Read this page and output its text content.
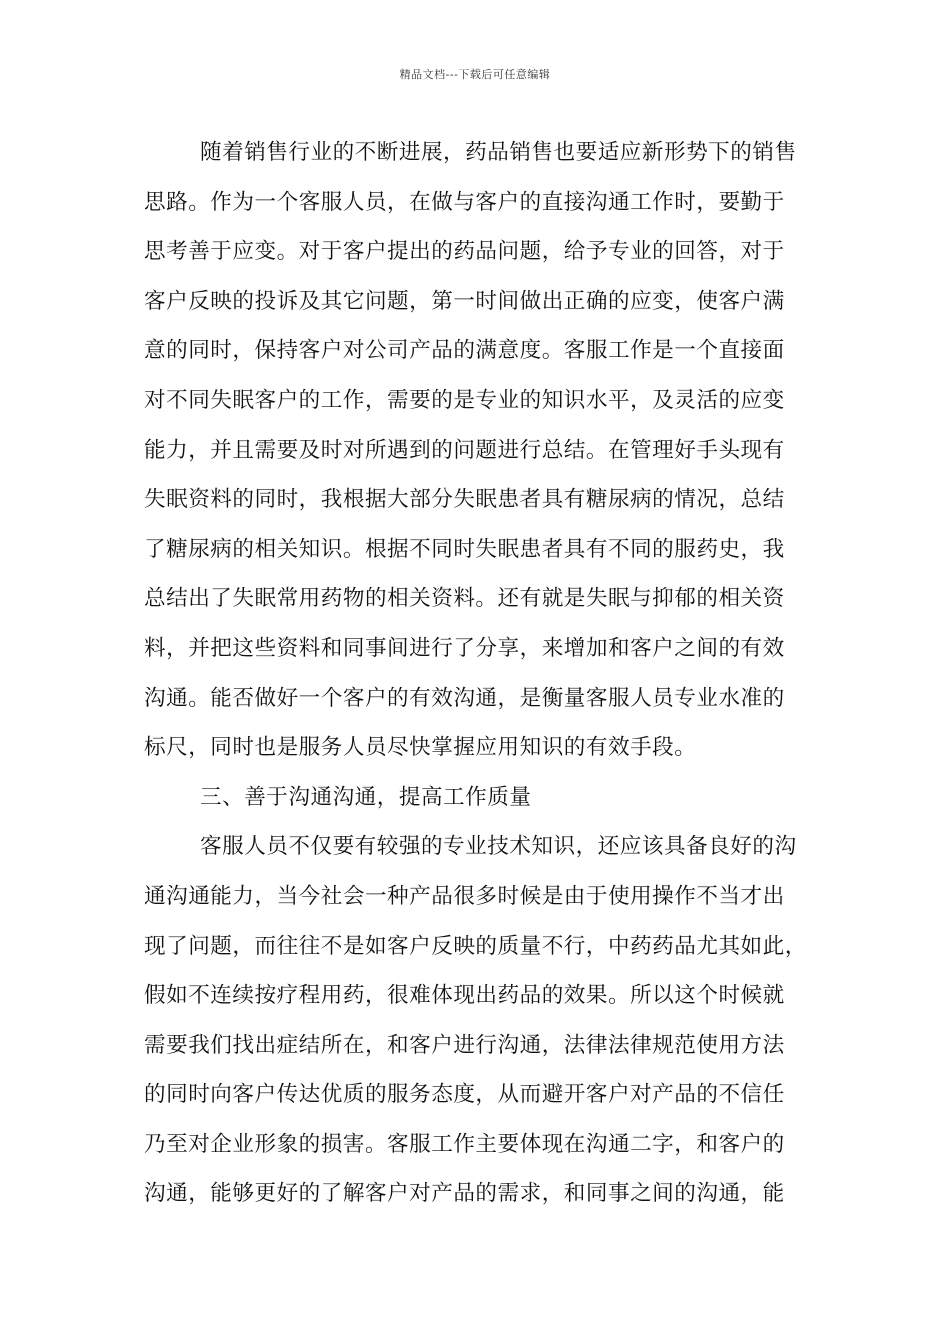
精品文档---下载后可任意编辑
随着销售行业的不断进展，药品销售也要适应新形势下的销售
思路。作为一个客服人员，在做与客户的直接沟通工作时，要勤于
思考善于应变。对于客户提出的药品问题，给予专业的回答，对于
客户反映的投诉及其它问题，第一时间做出正确的应变，使客户满
意的同时，保持客户对公司产品的满意度。客服工作是一个直接面
对不同失眠客户的工作，需要的是专业的知识水平，及灵活的应变
能力，并且需要及时对所遇到的问题进行总结。在管理好手头现有
失眠资料的同时，我根据大部分失眠患者具有糖尿病的情况，总结
了糖尿病的相关知识。根据不同时失眠患者具有不同的服药史，我
总结出了失眠常用药物的相关资料。还有就是失眠与抑郁的相关资
料，并把这些资料和同事间进行了分享，来增加和客户之间的有效
沟通。能否做好一个客户的有效沟通，是衡量客服人员专业水准的
标尺，同时也是服务人员尽快掌握应用知识的有效手段。
三、善于沟通沟通，提高工作质量
客服人员不仅要有较强的专业技术知识，还应该具备良好的沟
通沟通能力，当今社会一种产品很多时候是由于使用操作不当才出
现了问题，而往往不是如客户反映的质量不行，中药药品尤其如此，
假如不连续按疗程用药，很难体现出药品的效果。所以这个时候就
需要我们找出症结所在，和客户进行沟通，法律法律规范使用方法
的同时向客户传达优质的服务态度，从而避开客户对产品的不信任
乃至对企业形象的损害。客服工作主要体现在沟通二字，和客户的
沟通，能够更好的了解客户对产品的需求，和同事之间的沟通，能
